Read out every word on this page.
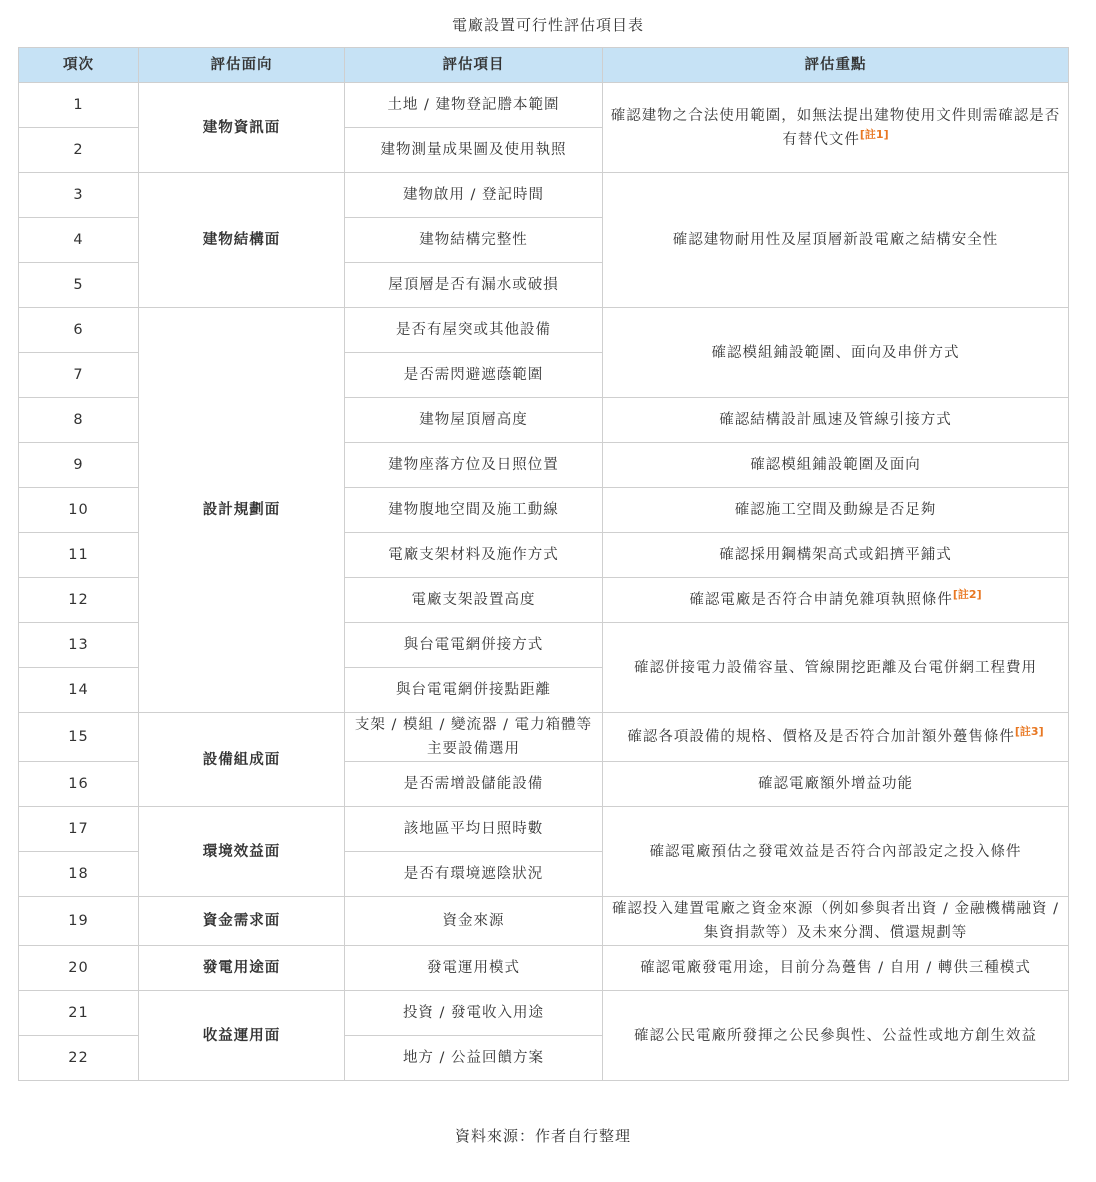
電廠設置可行性評估項目表
項次	評估面向	評估項目	評估重點
1	建物資訊面	土地 / 建物登記謄本範圍	確認建物之合法使用範圍，如無法提出建物使用文件則需確認是否有替代文件[註1]
2		建物測量成果圖及使用執照	
3	建物結構面	建物啟用 / 登記時間	確認建物耐用性及屋頂層新設電廠之結構安全性
4		建物結構完整性	
5		屋頂層是否有漏水或破損	
6	設計規劃面	是否有屋突或其他設備	確認模組鋪設範圍、面向及串併方式
7		是否需閃避遮蔭範圍	
8		建物屋頂層高度	確認結構設計風速及管線引接方式
9		建物座落方位及日照位置	確認模組鋪設範圍及面向
10		建物腹地空間及施工動線	確認施工空間及動線是否足夠
11		電廠支架材料及施作方式	確認採用鋼構架高式或鋁擠平鋪式
12		電廠支架設置高度	確認電廠是否符合申請免雜項執照條件[註2]
13		與台電電網併接方式	確認併接電力設備容量、管線開挖距離及台電併網工程費用
14		與台電電網併接點距離	
15	設備組成面	支架 / 模組 / 變流器 / 電力箱體等主要設備選用	確認各項設備的規格、價格及是否符合加計額外躉售條件[註3]
16		是否需增設儲能設備	確認電廠額外增益功能
17	環境效益面	該地區平均日照時數	確認電廠預估之發電效益是否符合內部設定之投入條件
18		是否有環境遮陰狀況	
19	資金需求面	資金來源	確認投入建置電廠之資金來源（例如參與者出資 / 金融機構融資 / 集資捐款等）及未來分潤、償還規劃等
20	發電用途面	發電運用模式	確認電廠發電用途，目前分為躉售 / 自用 / 轉供三種模式
21	收益運用面	投資 / 發電收入用途	確認公民電廠所發揮之公民參與性、公益性或地方創生效益
22		地方 / 公益回饋方案	
資料來源：作者自行整理
